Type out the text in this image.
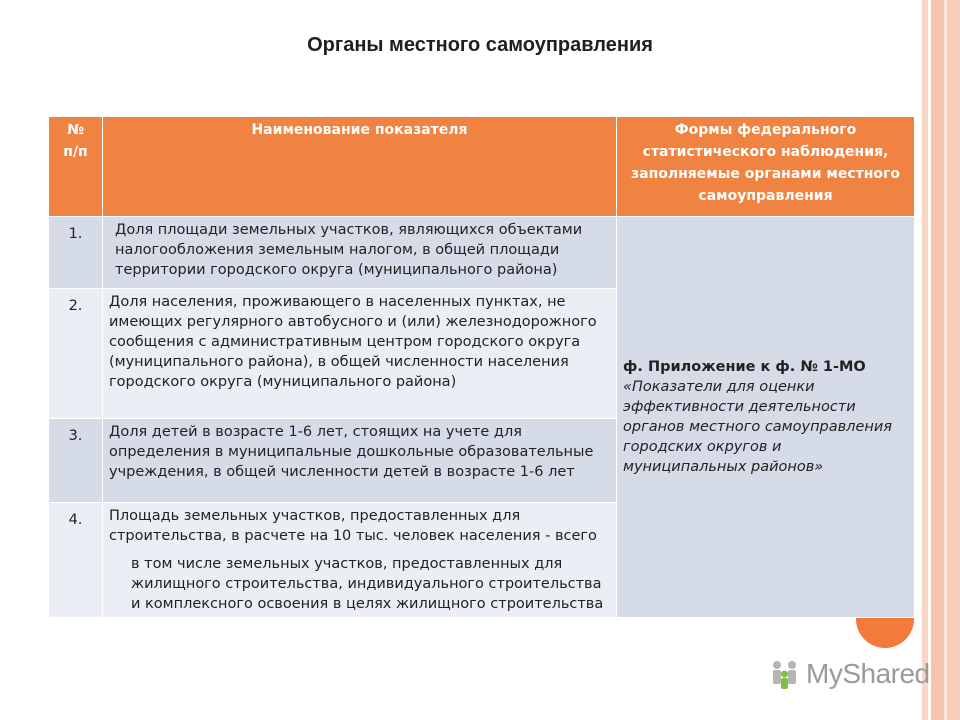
Органы местного самоуправления
№ п/п	Наименование показателя	Формы федерального статистического наблюдения, заполняемые органами местного самоуправления
1.	Доля площади земельных участков, являющихся объектами налогообложения земельным налогом, в общей площади территории городского округа (муниципального района)	ф. Приложение к ф. № 1-МО
«Показатели для оценки эффективности деятельности органов местного самоуправления городских округов и муниципальных районов»
2.	Доля населения, проживающего в населенных пунктах, не имеющих регулярного автобусного и (или) железнодорожного сообщения с административным центром городского округа (муниципального района), в общей численности населения городского округа (муниципального района)	
3.	Доля детей в возрасте 1-6 лет, стоящих на учете для определения в муниципальные дошкольные образовательные учреждения, в общей численности детей в возрасте 1-6 лет	
4.	Площадь земельных участков, предоставленных для строительства, в расчете на 10 тыс. человек населения - всего
в том числе земельных участков, предоставленных для жилищного строительства, индивидуального строительства и комплексного освоения в целях жилищного строительства	
MyShared
